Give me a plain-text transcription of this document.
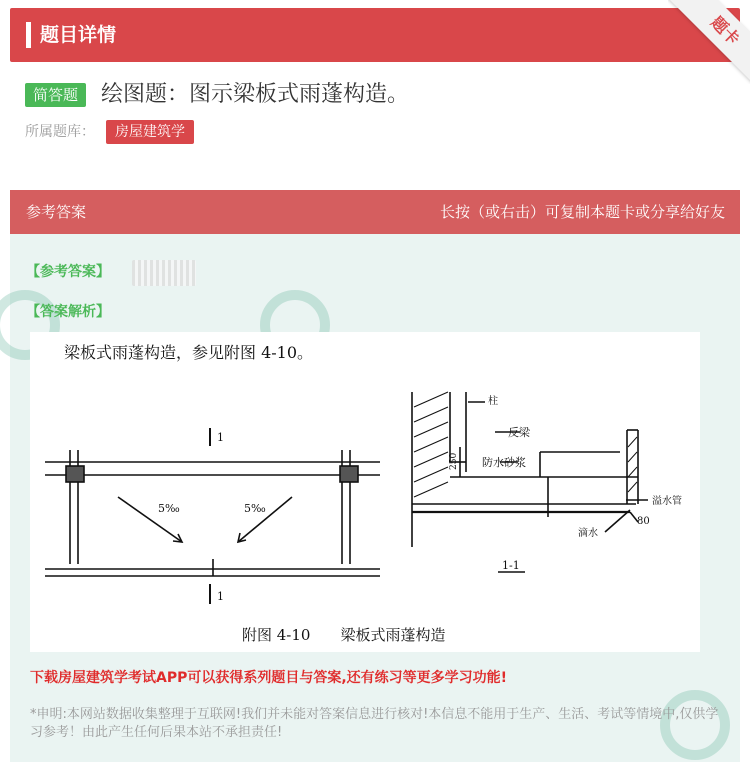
题目详情	题卡
简答题	绘图题：图示梁板式雨蓬构造。
所属题库：	房屋建筑学
参考答案	长按（或右击）可复制本题卡或分享给好友
【参考答案】
【答案解析】
梁板式雨蓬构造，参见附图 4-10。
5‰	5‰
1
1
柱
反梁
防水砂浆
250
溢水管
滴水
80
1-1
附图 4-10　　梁板式雨蓬构造
下载房屋建筑学考试APP可以获得系列题目与答案,还有练习等更多学习功能!
*申明:本网站数据收集整理于互联网!我们并未能对答案信息进行核对!本信息不能用于生产、生活、考试等情境中,仅供学习参考！由此产生任何后果本站不承担责任!
